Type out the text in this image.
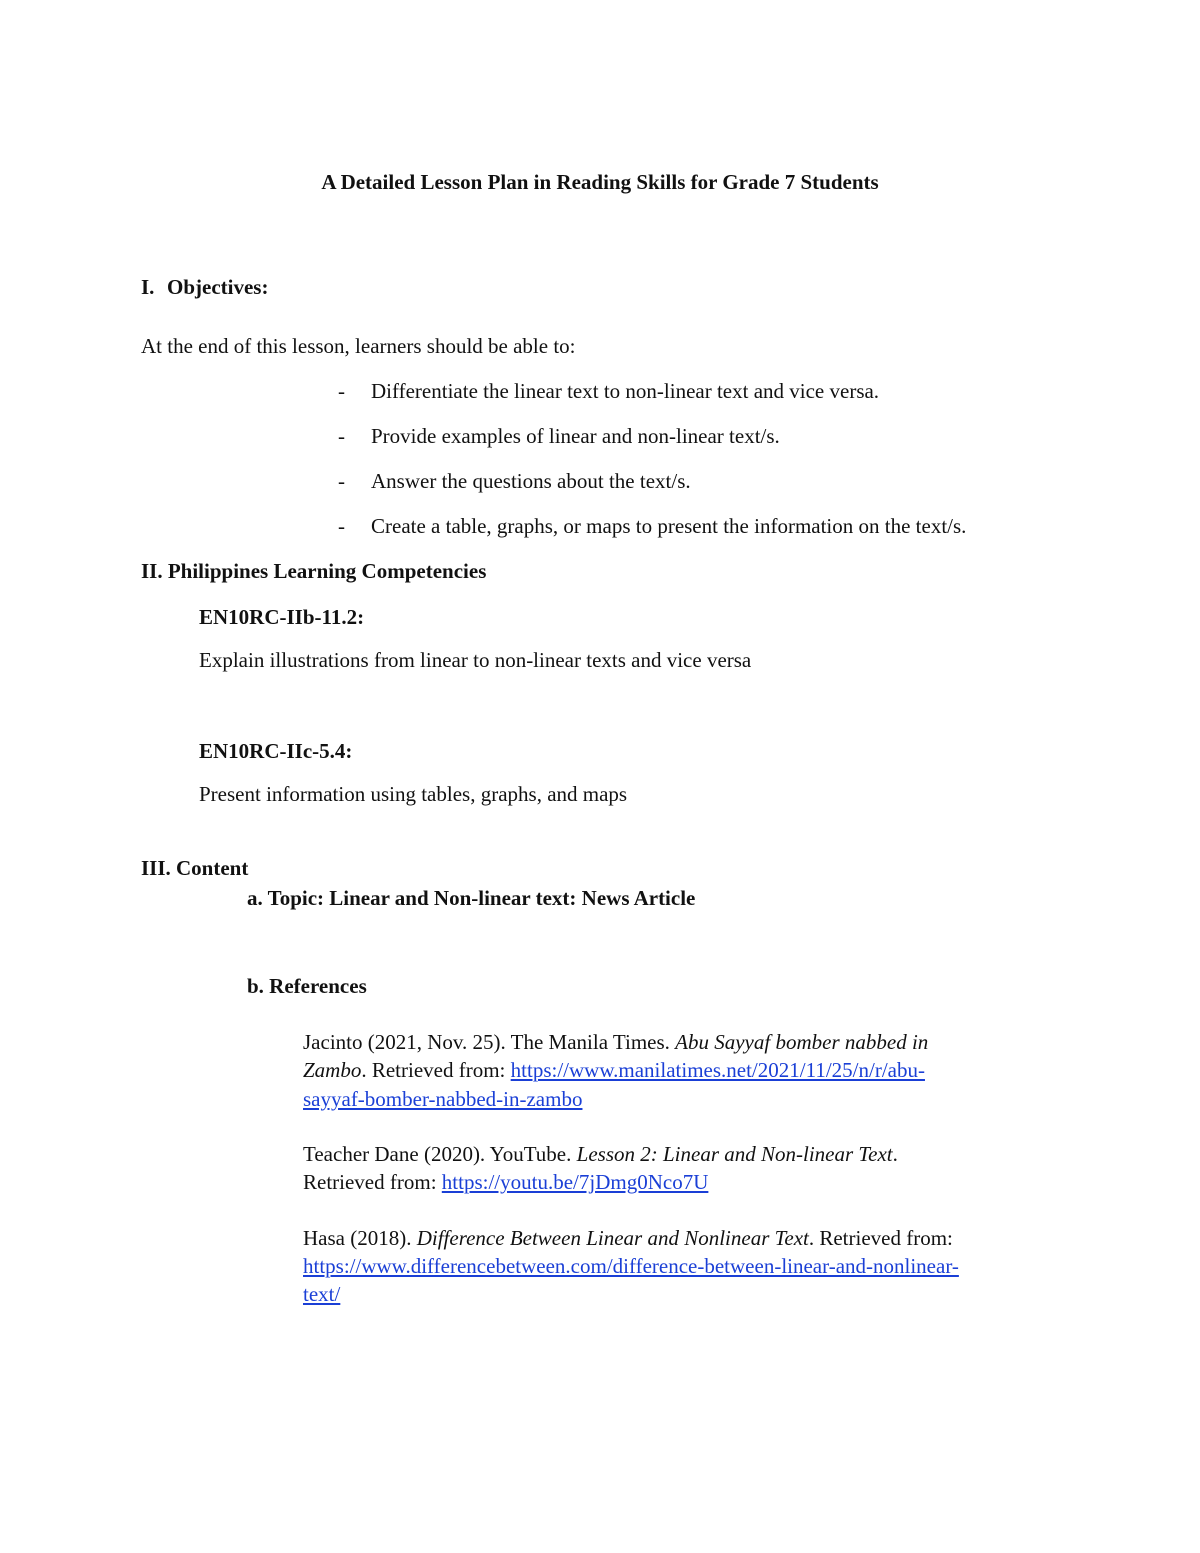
A Detailed Lesson Plan in Reading Skills for Grade 7 Students
I. Objectives:
At the end of this lesson, learners should be able to:
- Differentiate the linear text to non-linear text and vice versa.
- Provide examples of linear and non-linear text/s.
- Answer the questions about the text/s.
- Create a table, graphs, or maps to present the information on the text/s.
II. Philippines Learning Competencies
EN10RC-IIb-11.2:
Explain illustrations from linear to non-linear texts and vice versa
EN10RC-IIc-5.4:
Present information using tables, graphs, and maps
III. Content
a. Topic: Linear and Non-linear text: News Article
b. References
Jacinto (2021, Nov. 25). The Manila Times. Abu Sayyaf bomber nabbed in
Zambo. Retrieved from: https://www.manilatimes.net/2021/11/25/n/r/abu-
sayyaf-bomber-nabbed-in-zambo
Teacher Dane (2020). YouTube. Lesson 2: Linear and Non-linear Text.
Retrieved from: https://youtu.be/7jDmg0Nco7U
Hasa (2018). Difference Between Linear and Nonlinear Text. Retrieved from:
https://www.differencebetween.com/difference-between-linear-and-nonlinear-
text/
